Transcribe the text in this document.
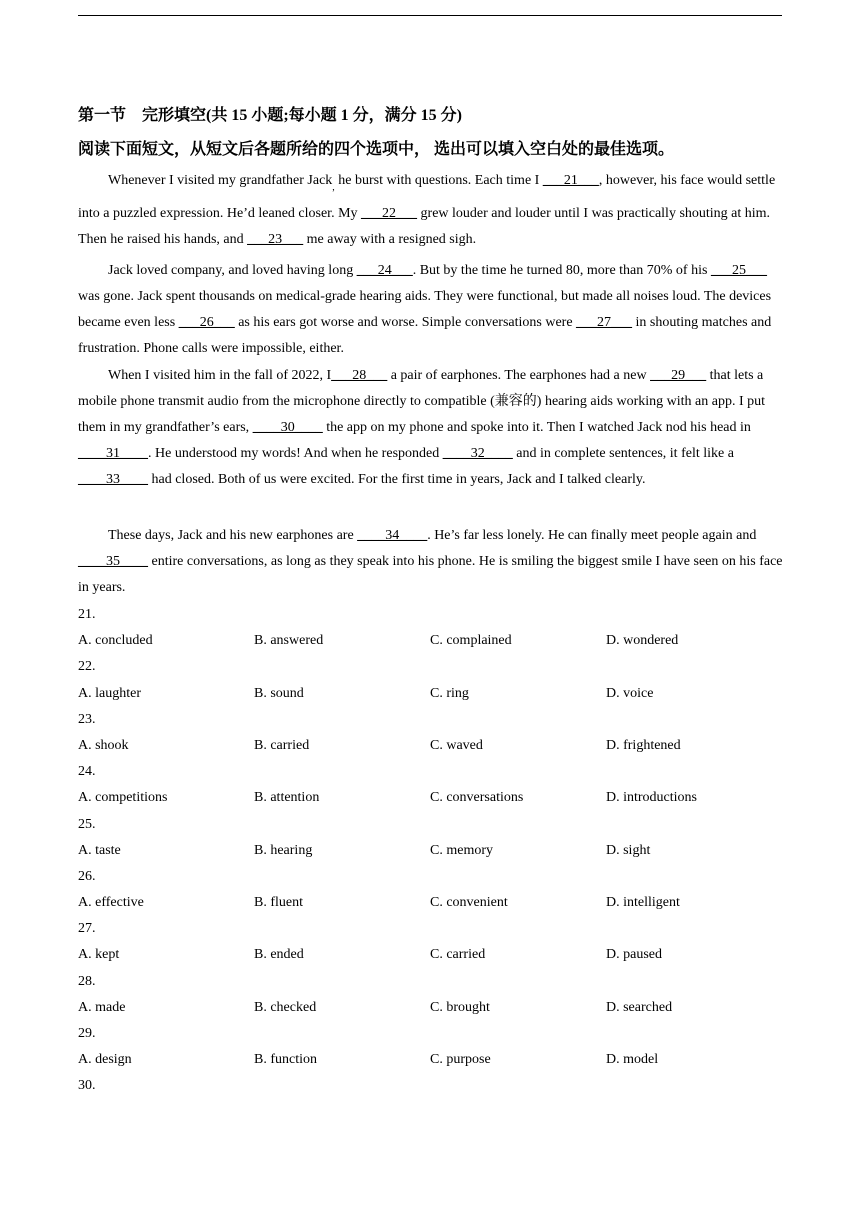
第一节　完形填空(共 15 小题;每小题 1 分，满分 15 分)
阅读下面短文，从短文后各题所给的四个选项中， 选出可以填入空白处的最佳选项。

Whenever I visited my grandfather Jack$_,$ he burst with questions. Each time I ___21___, however, his face would settle into a puzzled expression. He’d leaned closer. My ___22___ grew louder and louder until I was practically shouting at him. Then he raised his hands, and ___23___ me away with a resigned sigh.

Jack loved company, and loved having long ___24___. But by the time he turned 80, more than 70% of his ___25___ was gone. Jack spent thousands on medical-grade hearing aids. They were functional, but made all noises loud. The devices became even less ___26___ as his ears got worse and worse. Simple conversations were ___27___ in shouting matches and frustration. Phone calls were impossible, either.

When I visited him in the fall of 2022, I___28___ a pair of earphones. The earphones had a new ___29___ that lets a mobile phone transmit audio from the microphone directly to compatible (兼容的) hearing aids working with an app. I put them in my grandfather’s ears, ____30____ the app on my phone and spoke into it. Then I watched Jack nod his head in ____31____. He understood my words! And when he responded ____32____ and in complete sentences, it felt like a ____33____ had closed. Both of us were excited. For the first time in years, Jack and I talked clearly.

These days, Jack and his new earphones are ____34____. He’s far less lonely. He can finally meet people again and ____35____ entire conversations, as long as they speak into his phone. He is smiling the biggest smile I have seen on his face in years.

21.
A. concluded	B. answered	C. complained	D. wondered
22.
A. laughter	B. sound	C. ring	D. voice
23.
A. shook	B. carried	C. waved	D. frightened
24.
A. competitions	B. attention	C. conversations	D. introductions
25.
A. taste	B. hearing	C. memory	D. sight
26.
A. effective	B. fluent	C. convenient	D. intelligent
27.
A. kept	B. ended	C. carried	D. paused
28.
A. made	B. checked	C. brought	D. searched
29.
A. design	B. function	C. purpose	D. model
30.
